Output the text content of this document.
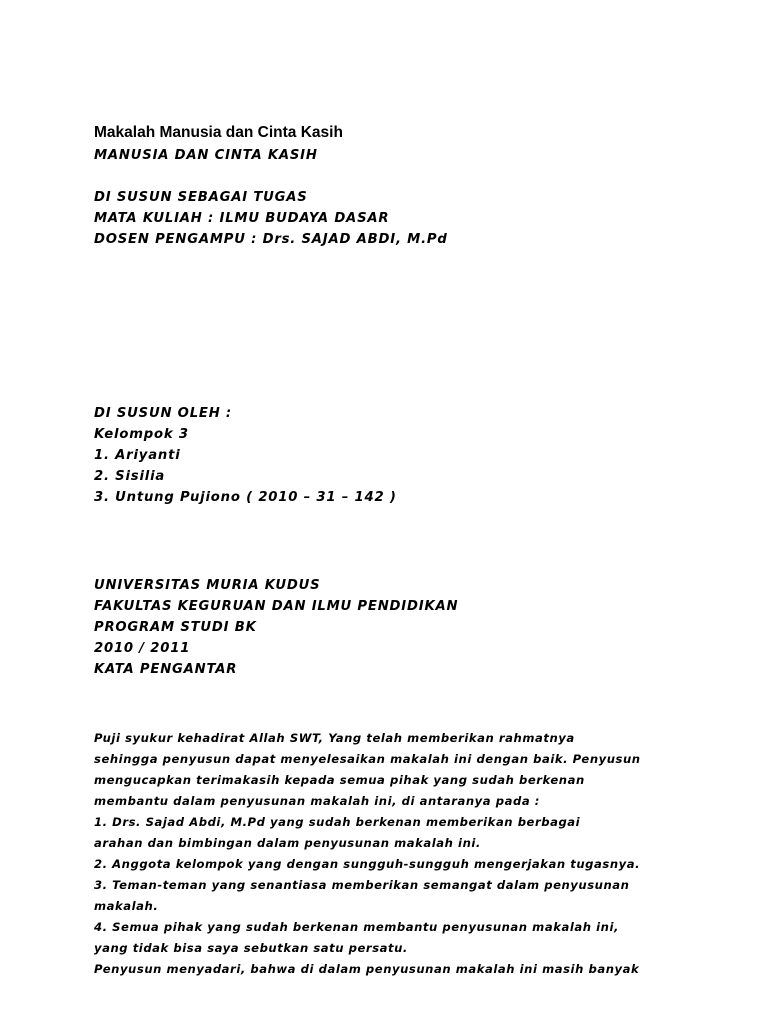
Makalah Manusia dan Cinta Kasih
MANUSIA DAN CINTA KASIH
DI SUSUN SEBAGAI TUGAS
MATA KULIAH : ILMU BUDAYA DASAR
DOSEN PENGAMPU : Drs. SAJAD ABDI, M.Pd
DI SUSUN OLEH :
Kelompok 3
1. Ariyanti
2. Sisilia
3. Untung Pujiono ( 2010 – 31 – 142 )
UNIVERSITAS MURIA KUDUS
FAKULTAS KEGURUAN DAN ILMU PENDIDIKAN
PROGRAM STUDI BK
2010 / 2011
KATA PENGANTAR
Puji syukur kehadirat Allah SWT, Yang telah memberikan rahmatnya
sehingga penyusun dapat menyelesaikan makalah ini dengan baik. Penyusun
mengucapkan terimakasih kepada semua pihak yang sudah berkenan
membantu dalam penyusunan makalah ini, di antaranya pada :
1. Drs. Sajad Abdi, M.Pd yang sudah berkenan memberikan berbagai
arahan dan bimbingan dalam penyusunan makalah ini.
2. Anggota kelompok yang dengan sungguh-sungguh mengerjakan tugasnya.
3. Teman-teman yang senantiasa memberikan semangat dalam penyusunan
makalah.
4. Semua pihak yang sudah berkenan membantu penyusunan makalah ini,
yang tidak bisa saya sebutkan satu persatu.
Penyusun menyadari, bahwa di dalam penyusunan makalah ini masih banyak
